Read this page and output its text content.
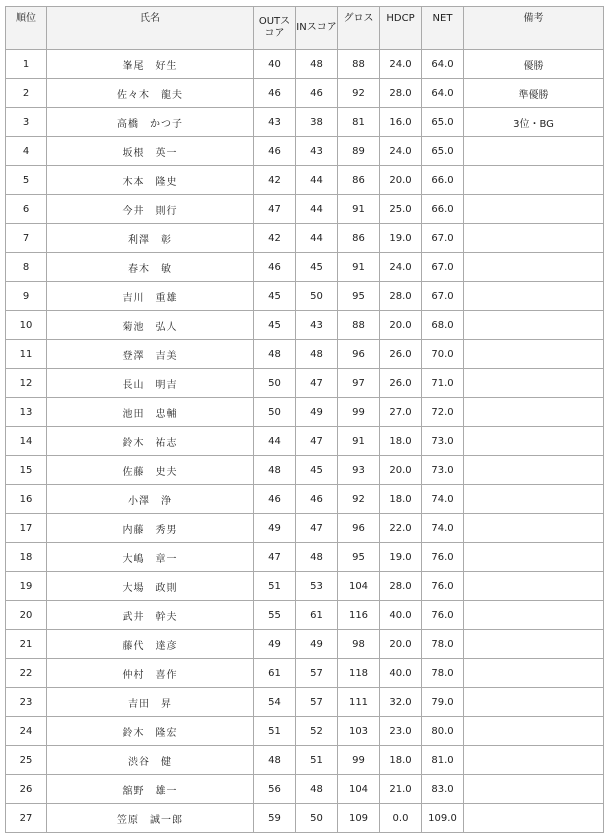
順位	氏名	OUTスコア	INスコア	グロス	HDCP	NET	備考
1	峯尾　好生	40	48	88	24.0	64.0	優勝
2	佐々木　龍夫	46	46	92	28.0	64.0	準優勝
3	高橋　かつ子	43	38	81	16.0	65.0	3位・BG
4	坂根　英一	46	43	89	24.0	65.0	
5	木本　隆史	42	44	86	20.0	66.0	
6	今井　則行	47	44	91	25.0	66.0	
7	利澤　彰	42	44	86	19.0	67.0	
8	春木　敏	46	45	91	24.0	67.0	
9	吉川　重雄	45	50	95	28.0	67.0	
10	菊池　弘人	45	43	88	20.0	68.0	
11	登澤　吉美	48	48	96	26.0	70.0	
12	長山　明吉	50	47	97	26.0	71.0	
13	池田　忠輔	50	49	99	27.0	72.0	
14	鈴木　祐志	44	47	91	18.0	73.0	
15	佐藤　史夫	48	45	93	20.0	73.0	
16	小澤　浄	46	46	92	18.0	74.0	
17	内藤　秀男	49	47	96	22.0	74.0	
18	大嶋　章一	47	48	95	19.0	76.0	
19	大場　政則	51	53	104	28.0	76.0	
20	武井　幹夫	55	61	116	40.0	76.0	
21	藤代　達彦	49	49	98	20.0	78.0	
22	仲村　喜作	61	57	118	40.0	78.0	
23	吉田　昇	54	57	111	32.0	79.0	
24	鈴木　隆宏	51	52	103	23.0	80.0	
25	渋谷　健	48	51	99	18.0	81.0	
26	舘野　雄一	56	48	104	21.0	83.0	
27	笠原　誠一郎	59	50	109	0.0	109.0	
